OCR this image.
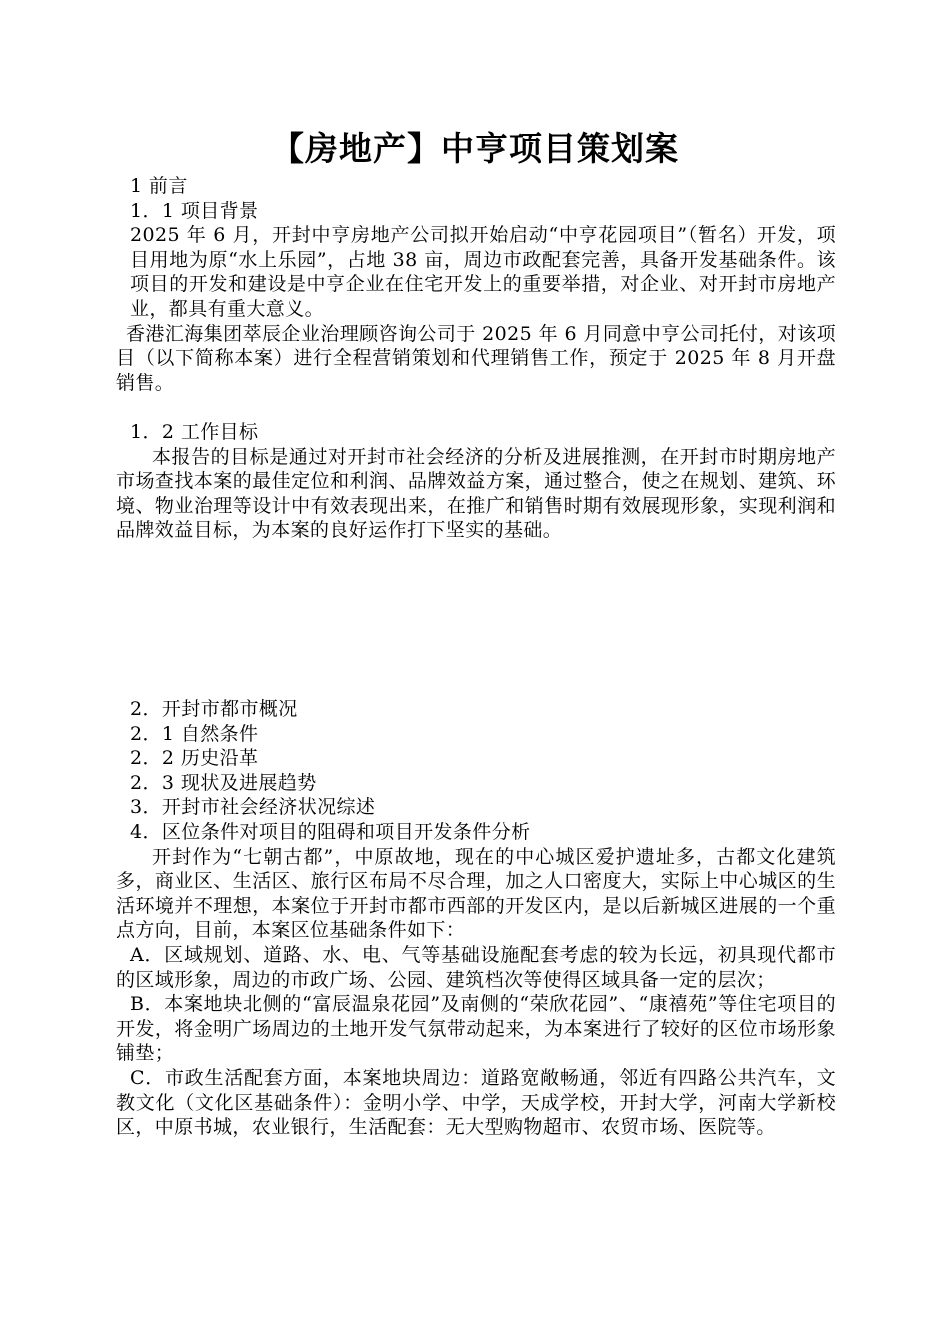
【房地产】中亨项目策划案

1 前言

1．1 项目背景

2025 年 6 月，开封中亨房地产公司拟开始启动“中亨花园项目”（暂名）开发，项目用地为原“水上乐园”，占地 38 亩，周边市政配套完善，具备开发基础条件。该项目的开发和建设是中亨企业在住宅开发上的重要举措，对企业、对开封市房地产业，都具有重大意义。

香港汇海集团萃辰企业治理顾咨询公司于 2025 年 6 月同意中亨公司托付，对该项目（以下简称本案）进行全程营销策划和代理销售工作，预定于 2025 年 8 月开盘销售。

1．2 工作目标

本报告的目标是通过对开封市社会经济的分析及进展推测，在开封市时期房地产市场查找本案的最佳定位和利润、品牌效益方案，通过整合，使之在规划、建筑、环境、物业治理等设计中有效表现出来，在推广和销售时期有效展现形象，实现利润和品牌效益目标，为本案的良好运作打下坚实的基础。

2．开封市都市概况

2．1 自然条件

2．2 历史沿革

2．3 现状及进展趋势

3．开封市社会经济状况综述

4．区位条件对项目的阻碍和项目开发条件分析

开封作为“七朝古都”，中原故地，现在的中心城区爱护遗址多，古都文化建筑多，商业区、生活区、旅行区布局不尽合理，加之人口密度大，实际上中心城区的生活环境并不理想，本案位于开封市都市西部的开发区内，是以后新城区进展的一个重点方向，目前，本案区位基础条件如下：

A．区域规划、道路、水、电、气等基础设施配套考虑的较为长远，初具现代都市的区域形象，周边的市政广场、公园、建筑档次等使得区域具备一定的层次；

B．本案地块北侧的“富辰温泉花园”及南侧的“荣欣花园”、“康禧苑”等住宅项目的开发，将金明广场周边的土地开发气氛带动起来，为本案进行了较好的区位市场形象铺垫；

C．市政生活配套方面，本案地块周边：道路宽敞畅通，邻近有四路公共汽车，文教文化（文化区基础条件）：金明小学、中学，天成学校，开封大学，河南大学新校区，中原书城，农业银行，生活配套：无大型购物超市、农贸市场、医院等。
